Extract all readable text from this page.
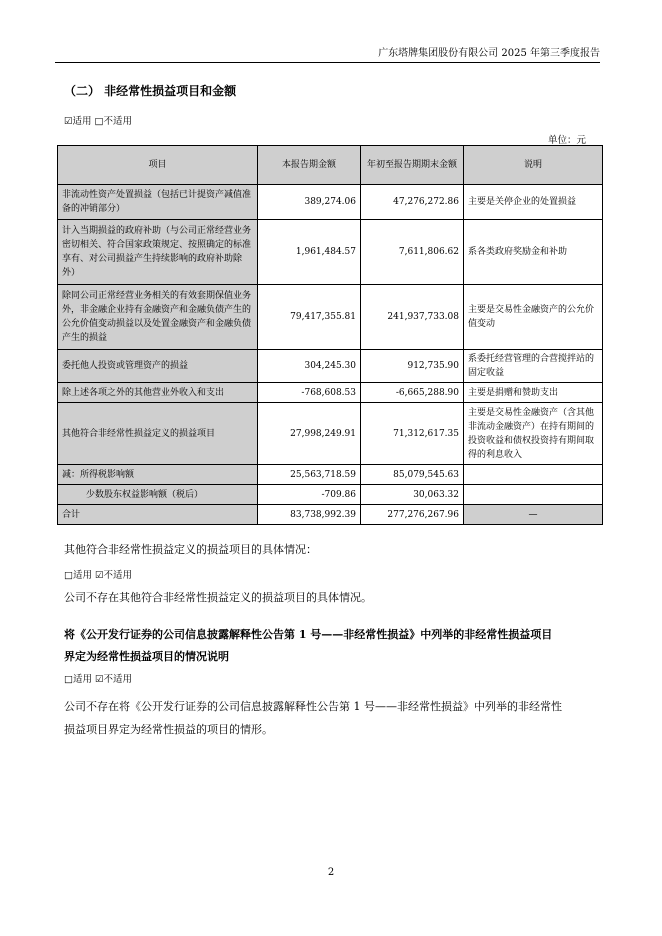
广东塔牌集团股份有限公司 2025 年第三季度报告
（二） 非经常性损益项目和金额
☑适用 □不适用
单位：元
项目	本报告期金额	年初至报告期期末金额	说明
非流动性资产处置损益（包括已计提资产减值准备的冲销部分）	389,274.06	47,276,272.86	主要是关停企业的处置损益
计入当期损益的政府补助（与公司正常经营业务密切相关、符合国家政策规定、按照确定的标准享有、对公司损益产生持续影响的政府补助除外）	1,961,484.57	7,611,806.62	系各类政府奖励金和补助
除同公司正常经营业务相关的有效套期保值业务外，非金融企业持有金融资产和金融负债产生的公允价值变动损益以及处置金融资产和金融负债产生的损益	79,417,355.81	241,937,733.08	主要是交易性金融资产的公允价值变动
委托他人投资或管理资产的损益	304,245.30	912,735.90	系委托经营管理的合营搅拌站的固定收益
除上述各项之外的其他营业外收入和支出	-768,608.53	-6,665,288.90	主要是捐赠和赞助支出
其他符合非经常性损益定义的损益项目	27,998,249.91	71,312,617.35	主要是交易性金融资产（含其他非流动金融资产）在持有期间的投资收益和债权投资持有期间取得的利息收入
减：所得税影响额	25,563,718.59	85,079,545.63	
少数股东权益影响额（税后）	-709.86	30,063.32	
合计	83,738,992.39	277,276,267.96	—
其他符合非经常性损益定义的损益项目的具体情况：
□适用 ☑不适用
公司不存在其他符合非经常性损益定义的损益项目的具体情况。
将《公开发行证券的公司信息披露解释性公告第 1 号——非经常性损益》中列举的非经常性损益项目
界定为经常性损益项目的情况说明
□适用 ☑不适用
公司不存在将《公开发行证券的公司信息披露解释性公告第 1 号——非经常性损益》中列举的非经常性
损益项目界定为经常性损益的项目的情形。
2
